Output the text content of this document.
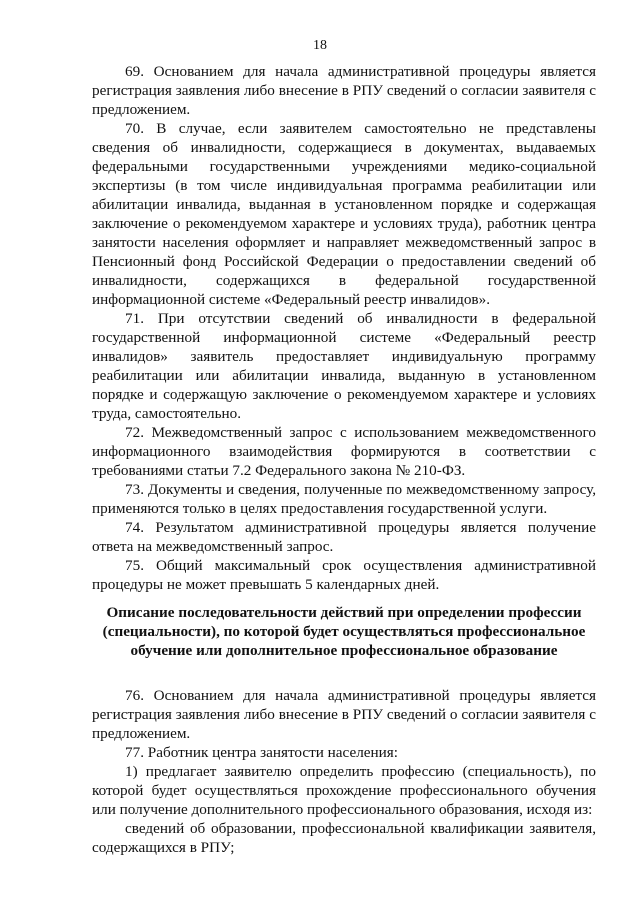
18

69. Основанием для начала административной процедуры является регистрация заявления либо внесение в РПУ сведений о согласии заявителя с предложением.

70. В случае, если заявителем самостоятельно не представлены сведения об инвалидности, содержащиеся в документах, выдаваемых федеральными государственными учреждениями медико-социальной экспертизы (в том числе индивидуальная программа реабилитации или абилитации инвалида, выданная в установленном порядке и содержащая заключение о рекомендуемом характере и условиях труда), работник центра занятости населения оформляет и направляет межведомственный запрос в Пенсионный фонд Российской Федерации о предоставлении сведений об инвалидности, содержащихся в федеральной государственной информационной системе «Федеральный реестр инвалидов».

71. При отсутствии сведений об инвалидности в федеральной государственной информационной системе «Федеральный реестр инвалидов» заявитель предоставляет индивидуальную программу реабилитации или абилитации инвалида, выданную в установленном порядке и содержащую заключение о рекомендуемом характере и условиях труда, самостоятельно.

72. Межведомственный запрос с использованием межведомственного информационного взаимодействия формируются в соответствии с требованиями статьи 7.2 Федерального закона № 210-ФЗ.

73. Документы и сведения, полученные по межведомственному запросу, применяются только в целях предоставления государственной услуги.

74. Результатом административной процедуры является получение ответа на межведомственный запрос.

75. Общий максимальный срок осуществления административной процедуры не может превышать 5 календарных дней.

Описание последовательности действий при определении профессии (специальности), по которой будет осуществляться профессиональное обучение или дополнительное профессиональное образование

76. Основанием для начала административной процедуры является регистрация заявления либо внесение в РПУ сведений о согласии заявителя с предложением.

77. Работник центра занятости населения:

1) предлагает заявителю определить профессию (специальность), по которой будет осуществляться прохождение профессионального обучения или получение дополнительного профессионального образования, исходя из:

сведений об образовании, профессиональной квалификации заявителя, содержащихся в РПУ;
